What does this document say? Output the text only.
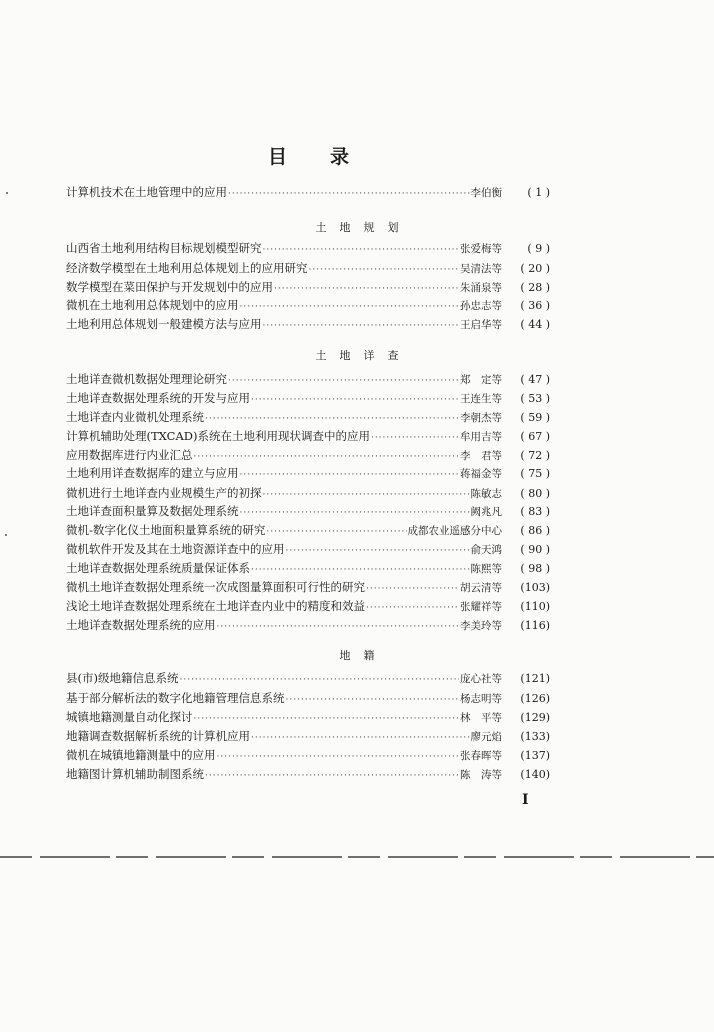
目 录
计算机技术在土地管理中的应用 ·····	李伯衡	( 1 )
土地规划
山西省土地利用结构目标规划模型研究 ·····	张爱梅等	( 9 )
经济数学模型在土地利用总体规划上的应用研究 ·····	吴清法等	( 20 )
数学模型在菜田保护与开发规划中的应用 ·····	朱涌泉等	( 28 )
微机在土地利用总体规划中的应用 ·····	孙忠志等	( 36 )
土地利用总体规划一般建模方法与应用 ·····	王启华等	( 44 )
土地详查
土地详查微机数据处理理论研究 ·····	郑　定等	( 47 )
土地详查数据处理系统的开发与应用 ·····	王连生等	( 53 )
土地详查内业微机处理系统 ·····	李朝杰等	( 59 )
计算机辅助处理(TXCAD)系统在土地利用现状调查中的应用 ·····	牟用吉等	( 67 )
应用数据库进行内业汇总 ·····	李　君等	( 72 )
土地利用详查数据库的建立与应用 ·····	蒋福金等	( 75 )
微机进行土地详查内业规模生产的初探 ·····	陈敏志	( 80 )
土地详查面积量算及数据处理系统 ·····	阙兆凡	( 83 )
微机-数字化仪土地面积量算系统的研究 ·····	成都农业遥感分中心	( 86 )
微机软件开发及其在土地资源详查中的应用 ·····	俞天鸿	( 90 )
土地详查数据处理系统质量保证体系 ·····	陈熙等	( 98 )
微机土地详查数据处理系统一次成图量算面积可行性的研究 ·····	胡云清等	(103)
浅论土地详查数据处理系统在土地详查内业中的精度和效益 ·····	张耀祥等	(110)
土地详查数据处理系统的应用 ·····	李美玲等	(116)
地籍
县(市)级地籍信息系统 ·····	庞心社等	(121)
基于部分解析法的数字化地籍管理信息系统 ·····	杨志明等	(126)
城镇地籍测量自动化探讨 ·····	林　平等	(129)
地籍调查数据解析系统的计算机应用 ·····	廖元焰	(133)
微机在城镇地籍测量中的应用 ·····	张春晖等	(137)
地籍图计算机辅助制图系统 ·····	陈　涛等	(140)
I
